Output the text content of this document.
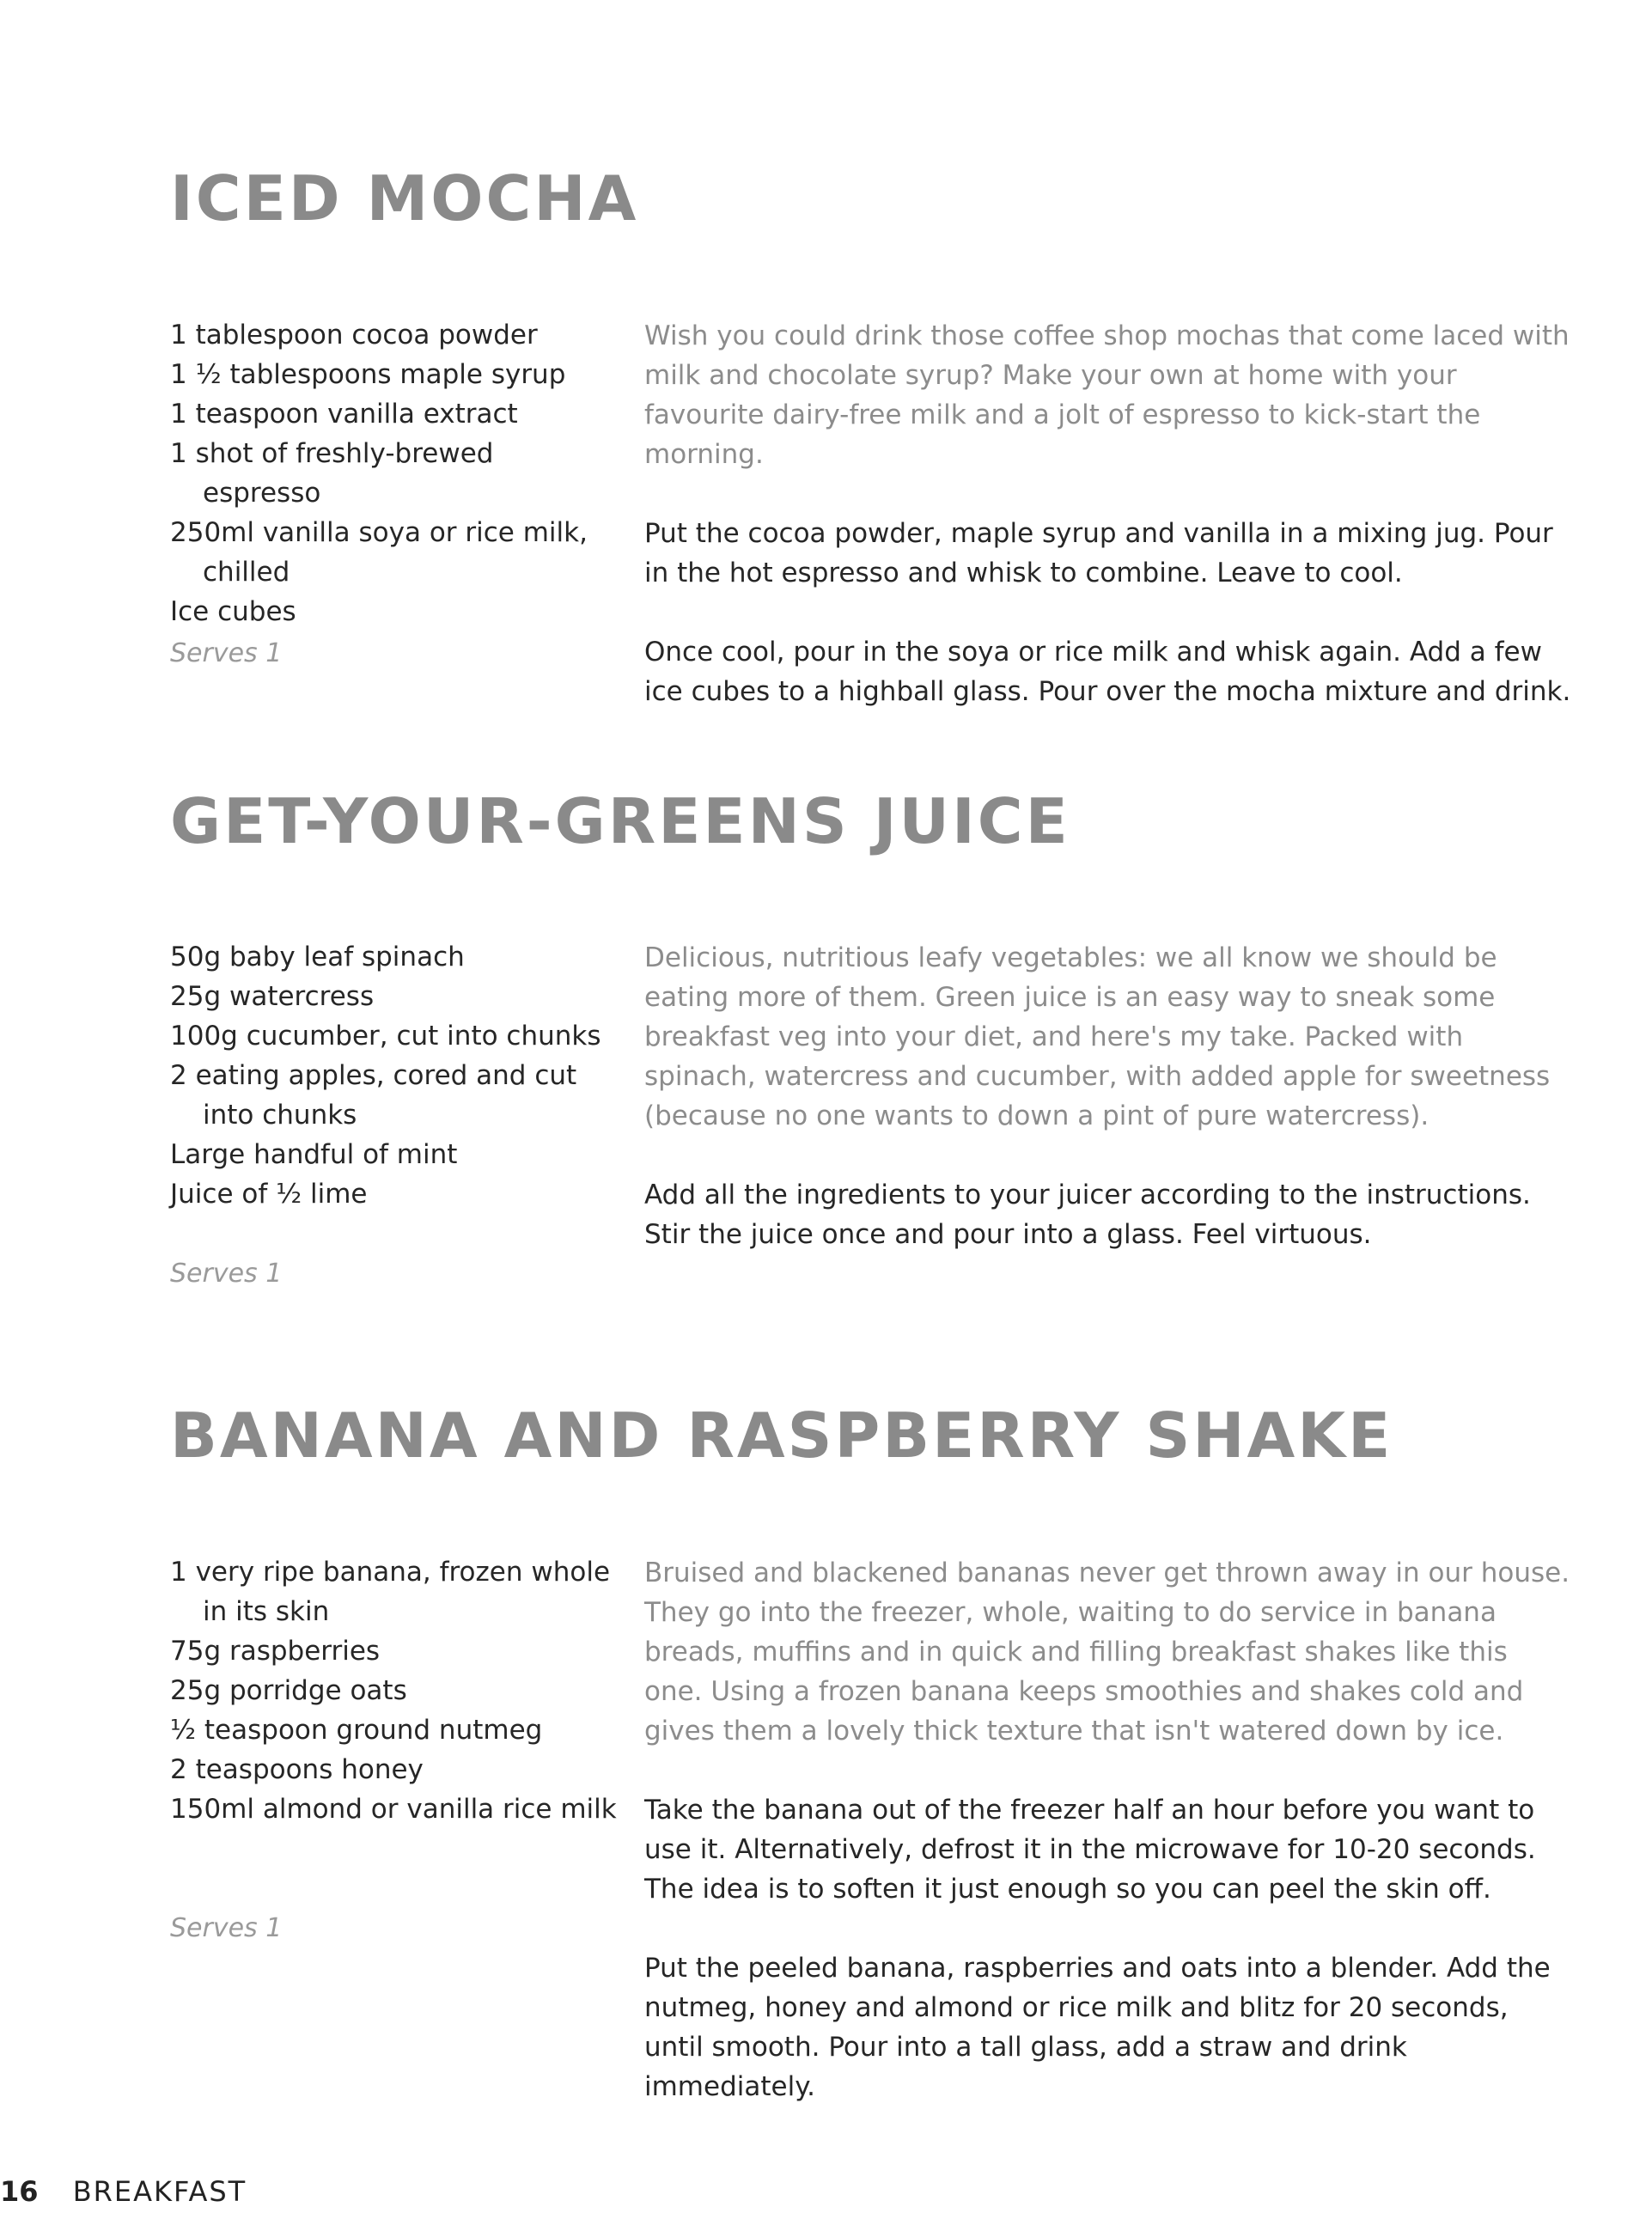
ICED MOCHA
1 tablespoon cocoa powder
1 ½ tablespoons maple syrup
1 teaspoon vanilla extract
1 shot of freshly-brewed espresso
250ml vanilla soya or rice milk, chilled
Ice cubes
Serves 1

Wish you could drink those coffee shop mochas that come laced with milk and chocolate syrup? Make your own at home with your favourite dairy-free milk and a jolt of espresso to kick-start the morning.

Put the cocoa powder, maple syrup and vanilla in a mixing jug. Pour in the hot espresso and whisk to combine. Leave to cool.

Once cool, pour in the soya or rice milk and whisk again. Add a few ice cubes to a highball glass. Pour over the mocha mixture and drink.

GET-YOUR-GREENS JUICE
50g baby leaf spinach
25g watercress
100g cucumber, cut into chunks
2 eating apples, cored and cut into chunks
Large handful of mint
Juice of ½ lime
Serves 1

Delicious, nutritious leafy vegetables: we all know we should be eating more of them. Green juice is an easy way to sneak some breakfast veg into your diet, and here's my take. Packed with spinach, watercress and cucumber, with added apple for sweetness (because no one wants to down a pint of pure watercress).

Add all the ingredients to your juicer according to the instructions. Stir the juice once and pour into a glass. Feel virtuous.

BANANA AND RASPBERRY SHAKE
1 very ripe banana, frozen whole in its skin
75g raspberries
25g porridge oats
½ teaspoon ground nutmeg
2 teaspoons honey
150ml almond or vanilla rice milk
Serves 1

Bruised and blackened bananas never get thrown away in our house. They go into the freezer, whole, waiting to do service in banana breads, muffins and in quick and filling breakfast shakes like this one. Using a frozen banana keeps smoothies and shakes cold and gives them a lovely thick texture that isn't watered down by ice.

Take the banana out of the freezer half an hour before you want to use it. Alternatively, defrost it in the microwave for 10-20 seconds. The idea is to soften it just enough so you can peel the skin off.

Put the peeled banana, raspberries and oats into a blender. Add the nutmeg, honey and almond or rice milk and blitz for 20 seconds, until smooth. Pour into a tall glass, add a straw and drink immediately.

16 BREAKFAST
